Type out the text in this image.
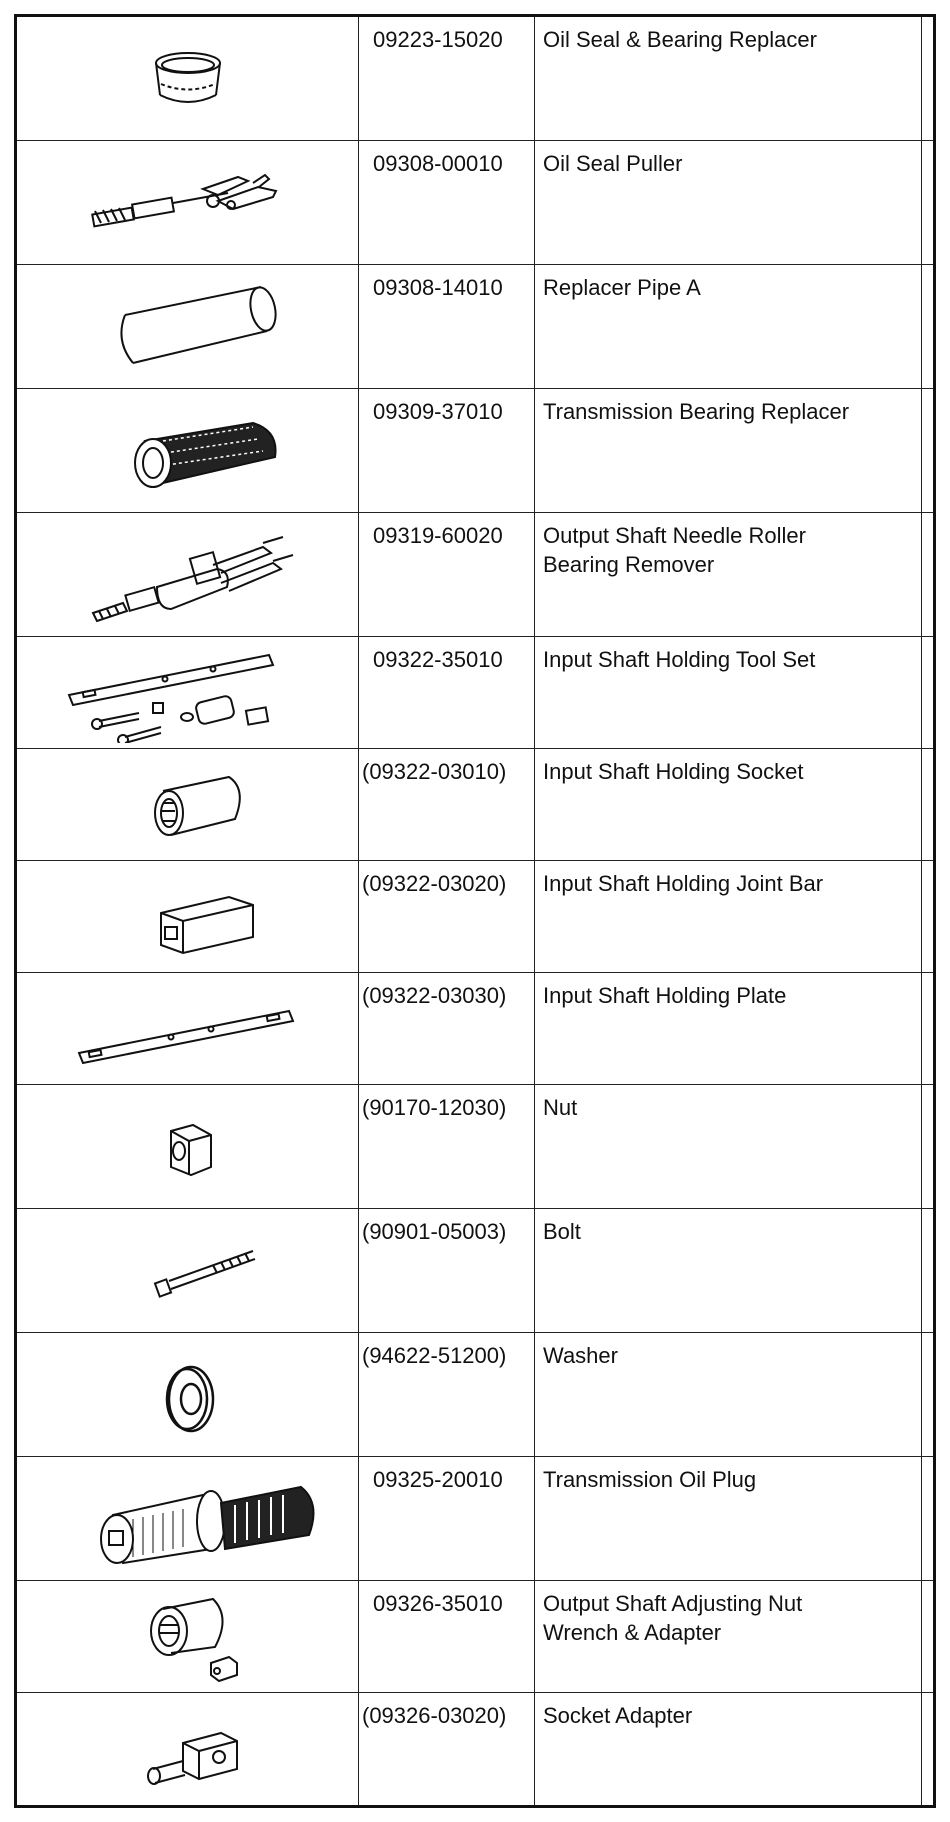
09223-15020	Oil Seal & Bearing Replacer
09308-00010	Oil Seal Puller
09308-14010	Replacer Pipe A
09309-37010	Transmission Bearing Replacer
09319-60020	Output Shaft Needle Roller
Bearing Remover
09322-35010	Input Shaft Holding Tool Set
(09322-03010)	Input Shaft Holding Socket
(09322-03020)	Input Shaft Holding Joint Bar
(09322-03030)	Input Shaft Holding Plate
(90170-12030)	Nut
(90901-05003)	Bolt
(94622-51200)	Washer
09325-20010	Transmission Oil Plug
09326-35010	Output Shaft Adjusting Nut
Wrench & Adapter
(09326-03020)	Socket Adapter
